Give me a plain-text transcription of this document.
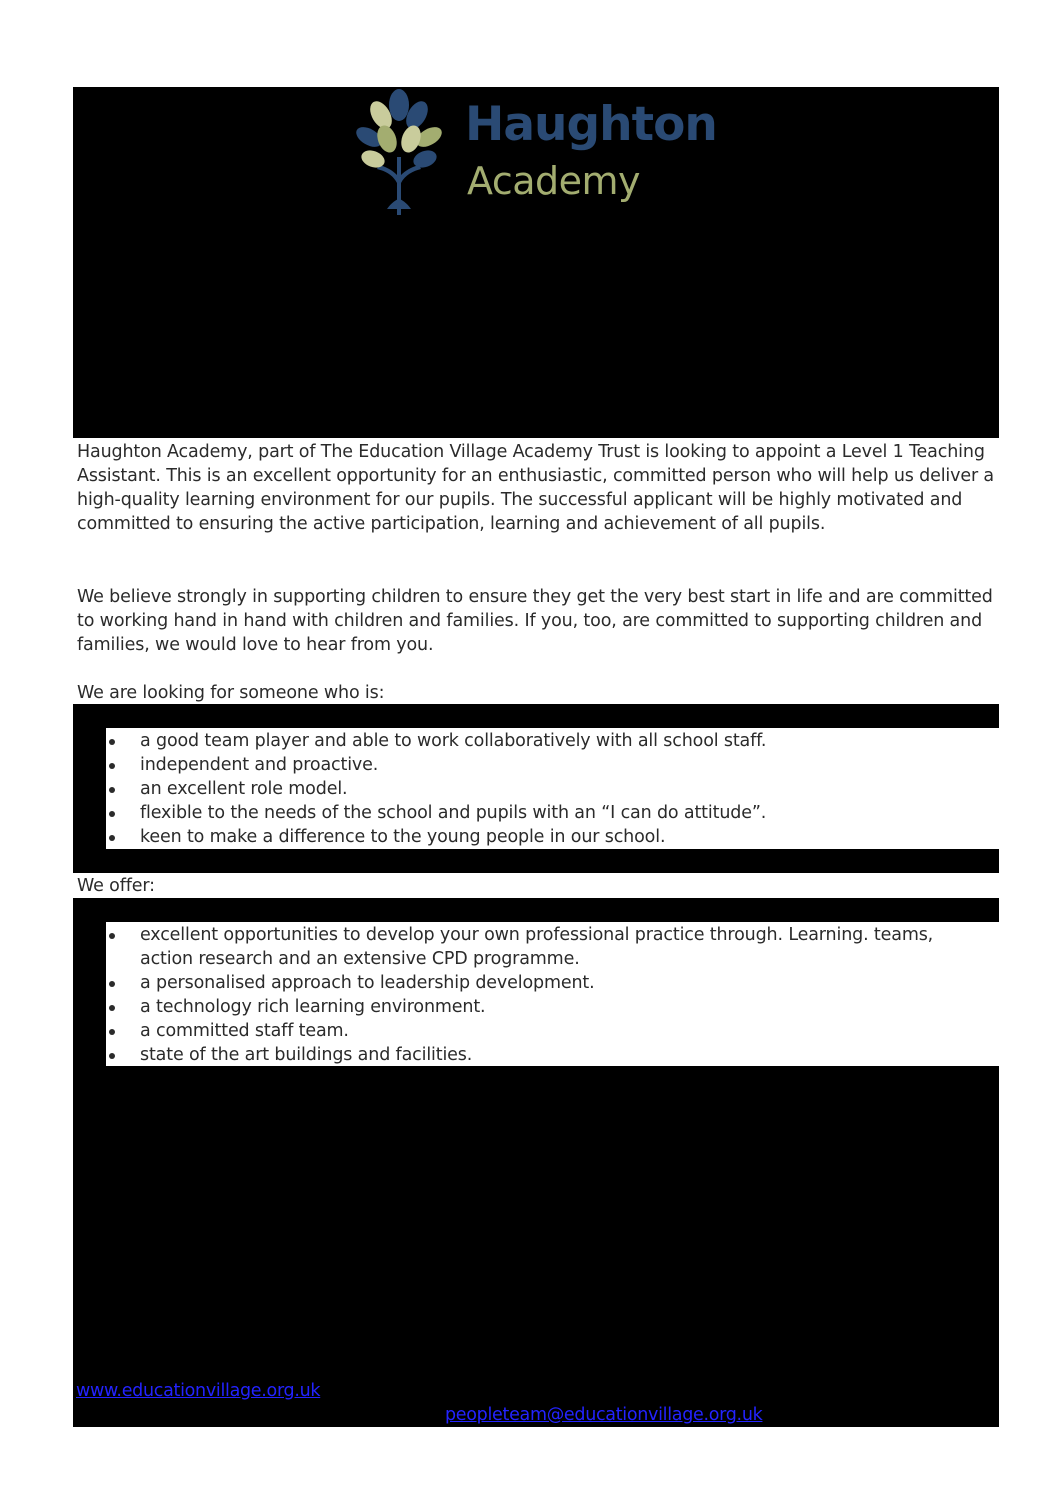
Haughton
Academy

Haughton Academy, part of The Education Village Academy Trust is looking to appoint a Level 1 Teaching Assistant. This is an excellent opportunity for an enthusiastic, committed person who will help us deliver a high-quality learning environment for our pupils. The successful applicant will be highly motivated and committed to ensuring the active participation, learning and achievement of all pupils.

We believe strongly in supporting children to ensure they get the very best start in life and are committed to working hand in hand with children and families. If you, too, are committed to supporting children and families, we would love to hear from you.

We are looking for someone who is:

a good team player and able to work collaboratively with all school staff.
independent and proactive.
an excellent role model.
flexible to the needs of the school and pupils with an “I can do attitude”.
keen to make a difference to the young people in our school.

We offer:

excellent opportunities to develop your own professional practice through. Learning. teams, action research and an extensive CPD programme.
a personalised approach to leadership development.
a technology rich learning environment.
a committed staff team.
state of the art buildings and facilities.
www.educationvillage.org.uk
peopleteam@educationvillage.org.uk
